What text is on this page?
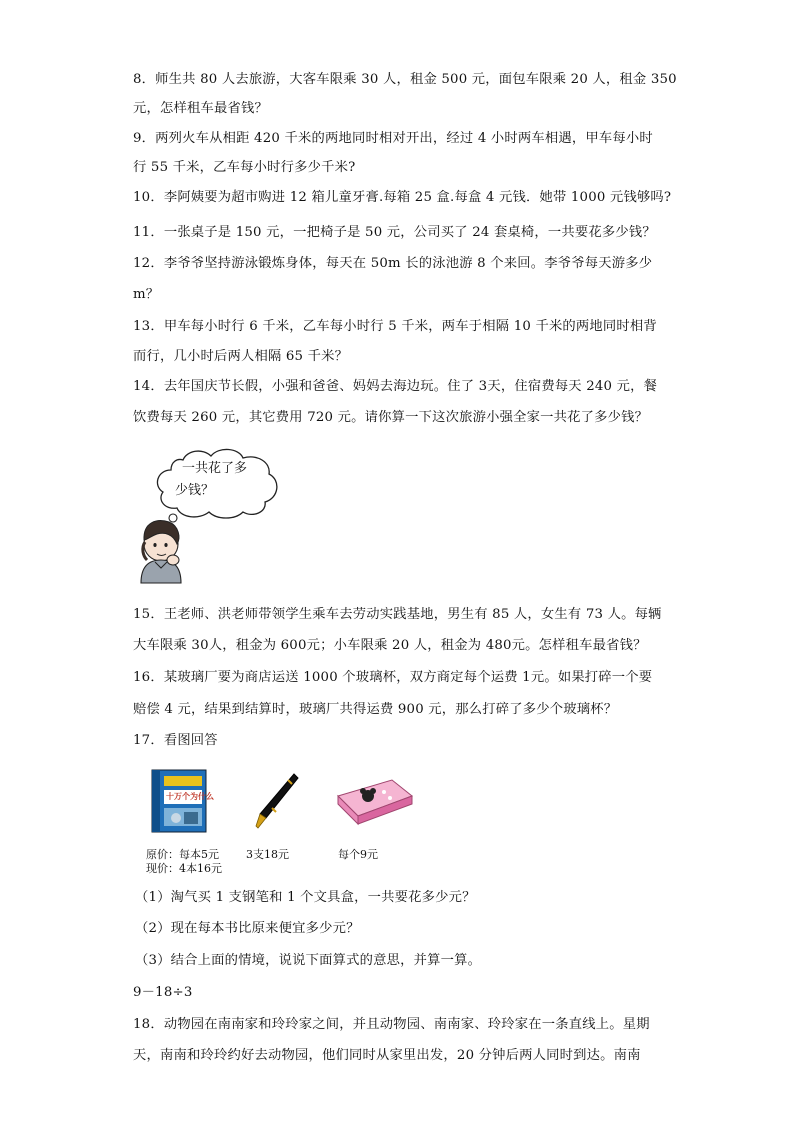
8．师生共 80 人去旅游，大客车限乘 30 人，租金 500 元，面包车限乘 20 人，租金 350
元，怎样租车最省钱？
9．两列火车从相距 420 千米的两地同时相对开出，经过 4 小时两车相遇，甲车每小时
行 55 千米，乙车每小时行多少千米?
10．李阿姨要为超市购进 12 箱儿童牙膏.每箱 25 盒.每盒 4 元钱．她带 1000 元钱够吗?
11．一张桌子是 150 元，一把椅子是 50 元，公司买了 24 套桌椅，一共要花多少钱？
12．李爷爷坚持游泳锻炼身体，每天在 50m 长的泳池游 8 个来回。李爷爷每天游多少
m？
13．甲车每小时行 6 千米，乙车每小时行 5 千米，两车于相隔 10 千米的两地同时相背
而行，几小时后两人相隔 65 千米？
14．去年国庆节长假，小强和爸爸、妈妈去海边玩。住了 3天，住宿费每天 240 元，餐
饮费每天 260 元，其它费用 720 元。请你算一下这次旅游小强全家一共花了多少钱？
一共花了多
少钱？
15．王老师、洪老师带领学生乘车去劳动实践基地，男生有 85 人，女生有 73 人。每辆
大车限乘 30人，租金为 600元；小车限乘 20 人，租金为 480元。怎样租车最省钱？
16．某玻璃厂要为商店运送 1000 个玻璃杯，双方商定每个运费 1元。如果打碎一个要
赔偿 4 元，结果到结算时，玻璃厂共得运费 900 元，那么打碎了多少个玻璃杯？
17．看图回答
十万个为什么
原价：每本5元
现价：4本16元
3支18元	每个9元
（1）淘气买 1 支钢笔和 1 个文具盒，一共要花多少元？
（2）现在每本书比原来便宜多少元？
（3）结合上面的情境，说说下面算式的意思，并算一算。
9－18÷3
18．动物园在南南家和玲玲家之间，并且动物园、南南家、玲玲家在一条直线上。星期
天，南南和玲玲约好去动物园，他们同时从家里出发，20 分钟后两人同时到达。南南
